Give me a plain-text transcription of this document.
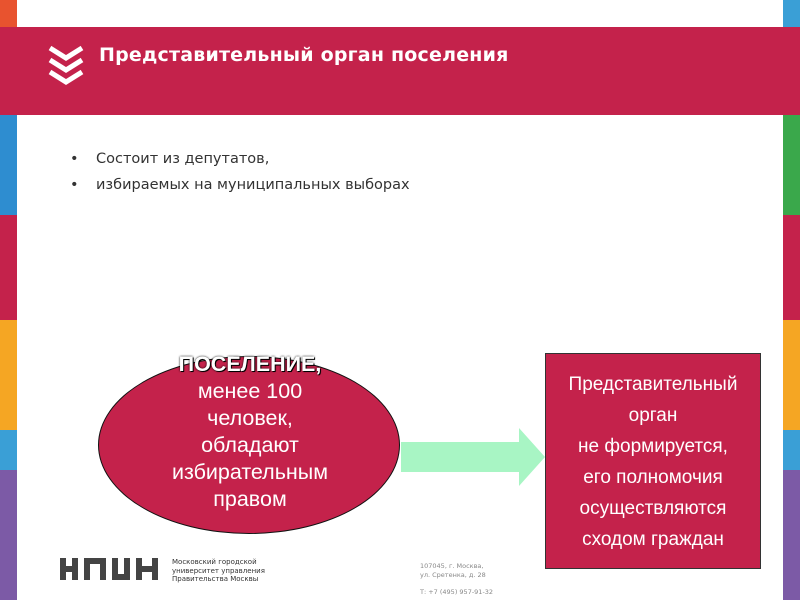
Представительный орган поселения
• Состоит из депутатов,
• избираемых на муниципальных выборах
ПОСЕЛЕНИЕ,
менее 100
человек,
обладают
избирательным
правом
Представительный
орган
не формируется,
его полномочия
осуществляются
сходом граждан
Московский городской
университет управления
Правительства Москвы
107045, г. Москва,
ул. Сретенка, д. 28
Т: +7 (495) 957-91-32
